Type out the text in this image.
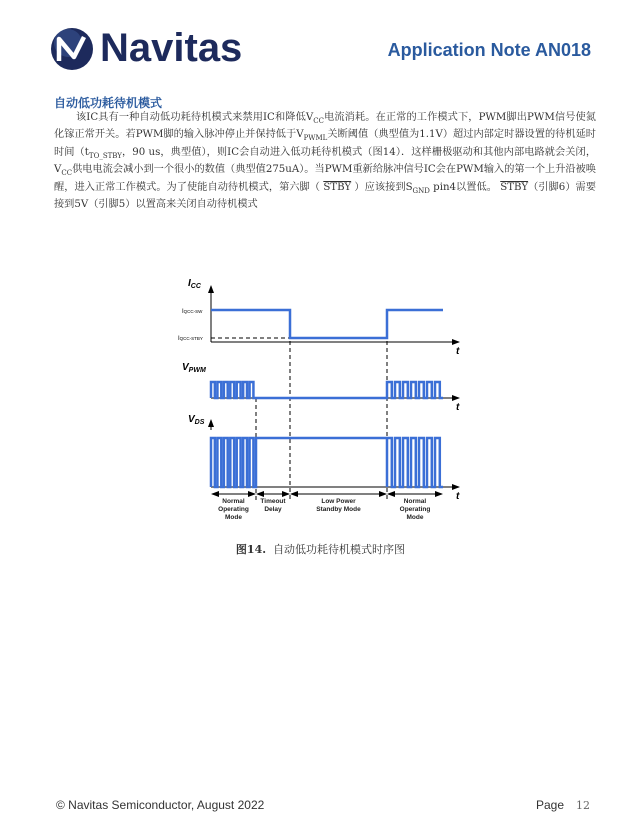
Navitas	Application Note AN018
自动低功耗待机模式
该IC具有一种自动低功耗待机模式来禁用IC和降低$V_{CC}$电流消耗。在正常的工作模式下，PWM脚出PWM信号使氮化镓正常开关。若PWM脚的输入脉冲停止并保持低于$V_{PWML}$关断阈值（典型值为1.1V）超过内部定时器设置的待机延时时间（$t_{TO\_STBY}$，90 us，典型值），则IC会自动进入低功耗待机模式（图14）．这样栅极驱动和其他内部电路就会关闭，$V_{CC}$供电电流会减小到一个很小的数值（典型值275uA）。当PWM重新给脉冲信号IC会在PWM输入的第一个上升沿被唤醒，进入正常工作模式。为了使能自动待机模式，第六脚（ STBY ）应该接到$S_{GND}$ pin4以置低。 STBY（引脚6）需要接到5V（引脚5）以置高来关闭自动待机模式
$I_{CC}$
$V_{PWM}$
$V_{DS}$
t
t
t
IQCC-SW
IQCC-STBY
Normal
Operating
Mode
Timeout
Delay
Low Power
Standby Mode
Normal
Operating
Mode
图14. 自动低功耗待机模式时序图
© Navitas Semiconductor, August 2022	Page 12
